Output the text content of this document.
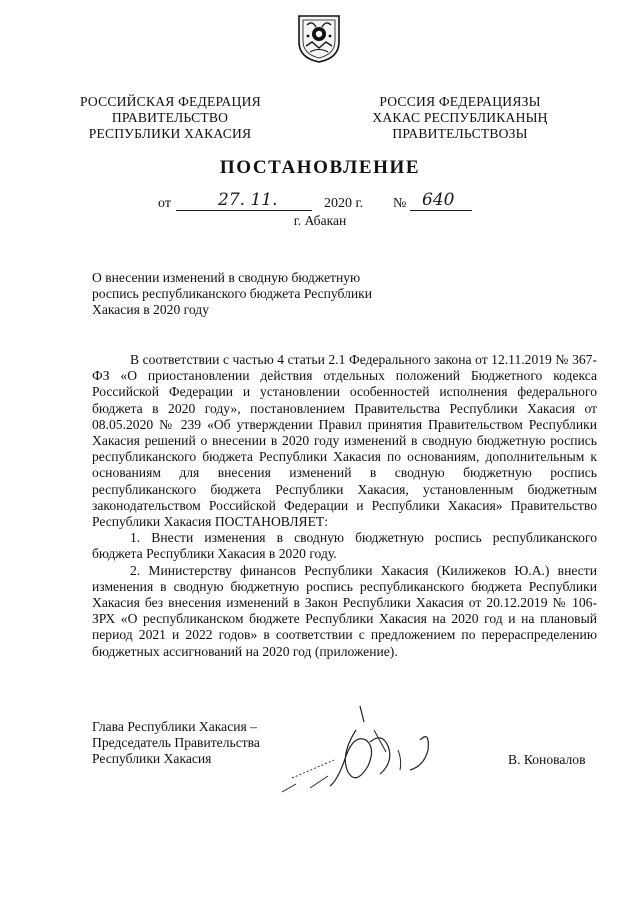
РОССИЙСКАЯ ФЕДЕРАЦИЯ
ПРАВИТЕЛЬСТВО
РЕСПУБЛИКИ ХАКАСИЯ
РОССИЯ ФЕДЕРАЦИЯЗЫ
ХАКАС РЕСПУБЛИКАНЫҢ
ПРАВИТЕЛЬСТВОЗЫ
ПОСТАНОВЛЕНИЕ
от	27. 11.	2020 г. № 640
г. Абакан
О внесении изменений в сводную бюджетную
роспись республиканского бюджета Республики
Хакасия в 2020 году

В соответствии с частью 4 статьи 2.1 Федерального закона от 12.11.2019 № 367-ФЗ «О приостановлении действия отдельных положений Бюджетного кодекса Российской Федерации и установлении особенностей исполнения федерального бюджета в 2020 году», постановлением Правительства Республики Хакасия от 08.05.2020 № 239 «Об утверждении Правил принятия Правительством Республики Хакасия решений о внесении в 2020 году изменений в сводную бюджетную роспись республиканского бюджета Республики Хакасия по основаниям, дополнительным к основаниям для внесения изменений в сводную бюджетную роспись республиканского бюджета Республики Хакасия, установленным бюджетным законодательством Российской Федерации и Республики Хакасия» Правительство Республики Хакасия ПОСТАНОВЛЯЕТ:

1. Внести изменения в сводную бюджетную роспись республиканского бюджета Республики Хакасия в 2020 году.

2. Министерству финансов Республики Хакасия (Килижеков Ю.А.) внести изменения в сводную бюджетную роспись республиканского бюджета Республики Хакасия без внесения изменений в Закон Республики Хакасия от 20.12.2019 № 106-ЗРХ «О республиканском бюджете Республики Хакасия на 2020 год и на плановый период 2021 и 2022 годов» в соответствии с предложением по перераспределению бюджетных ассигнований на 2020 год (приложение).

Глава Республики Хакасия –
Председатель Правительства
Республики Хакасия	В. Коновалов
